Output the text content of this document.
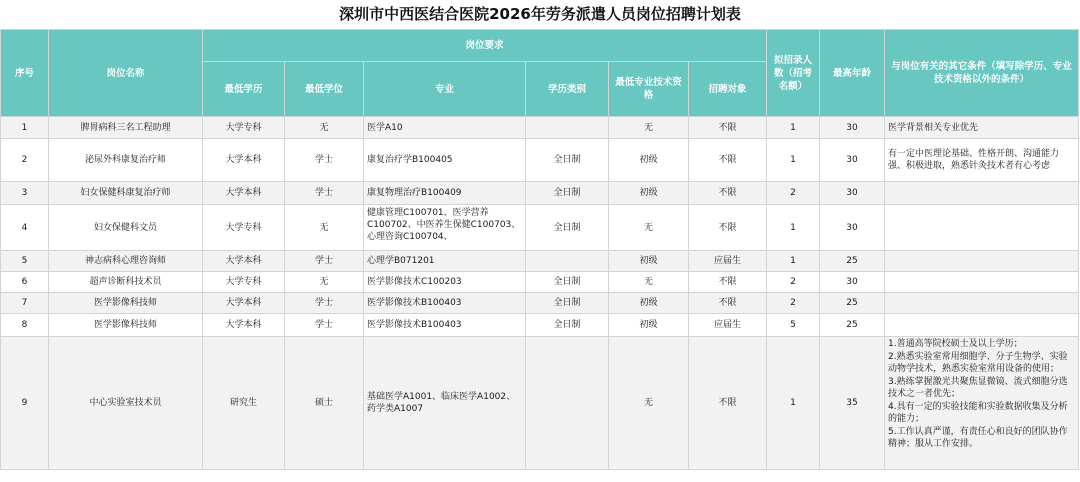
深圳市中西医结合医院2026年劳务派遣人员岗位招聘计划表
序号	岗位名称	岗位要求						拟招录人数（招考名额）	最高年龄	与岗位有关的其它条件（填写除学历、专业技术资格以外的条件）
		最低学历	最低学位	专业	学历类别	最低专业技术资格	招聘对象			
1	脾胃病科三名工程助理	大学专科	无	医学A10		无	不限	1	30	医学背景相关专业优先
2	泌尿外科康复治疗师	大学本科	学士	康复治疗学B100405	全日制	初级	不限	1	30	有一定中医理论基础、性格开朗、沟通能力强、积极进取，熟悉针灸技术者有心考虑
3	妇女保健科康复治疗师	大学本科	学士	康复物理治疗B100409	全日制	初级	不限	2	30	
4	妇女保健科文员	大学专科	无	健康管理C100701、医学营养C100702、中医养生保健C100703、心理咨询C100704、	全日制	无	不限	1	30	
5	神志病科心理咨询师	大学本科	学士	心理学B071201		初级	应届生	1	25	
6	超声诊断科技术员	大学专科	无	医学影像技术C100203	全日制	无	不限	2	30	
7	医学影像科技师	大学本科	学士	医学影像技术B100403	全日制	初级	不限	2	25	
8	医学影像科技师	大学本科	学士	医学影像技术B100403	全日制	初级	应届生	5	25	
9	中心实验室技术员	研究生	硕士	基础医学A1001、临床医学A1002、药学类A1007		无	不限	1	35	1.普通高等院校硕士及以上学历；
2.熟悉实验室常用细胞学、分子生物学、实验动物学技术，熟悉实验室常用设备的使用；
3.熟练掌握激光共聚焦显微镜、流式细胞分选技术之一者优先；
4.具有一定的实验技能和实验数据收集及分析的能力；
5.工作认真严谨，有责任心和良好的团队协作精神；服从工作安排。
